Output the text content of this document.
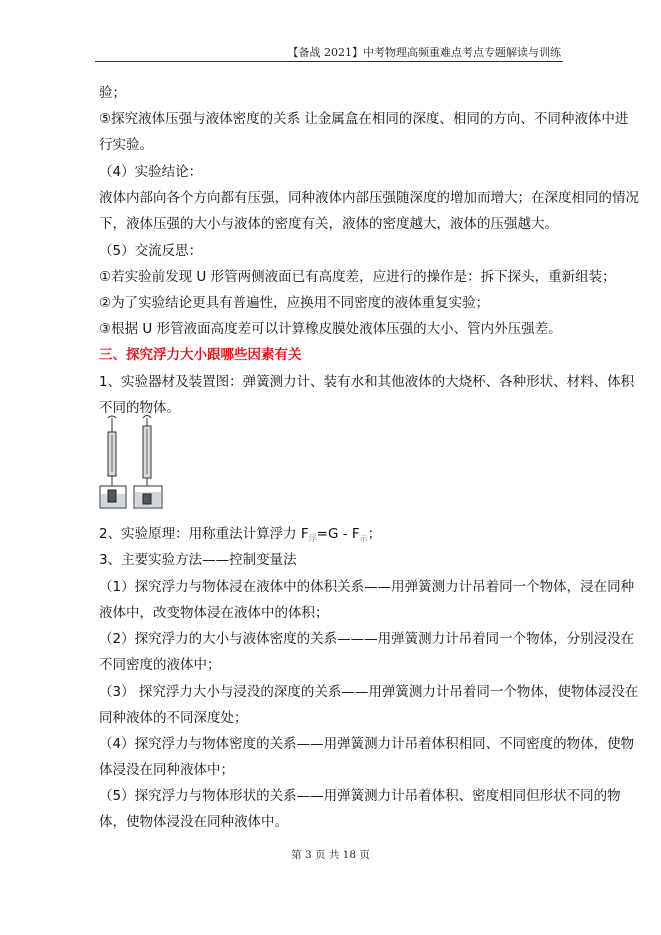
【备战 2021】中考物理高频重难点考点专题解读与训练
验；
⑤探究液体压强与液体密度的关系 让金属盒在相同的深度、相同的方向、不同种液体中进
行实验。
（4）实验结论：
液体内部向各个方向都有压强，同种液体内部压强随深度的增加而增大；在深度相同的情况
下，液体压强的大小与液体的密度有关，液体的密度越大，液体的压强越大。
（5）交流反思：
①若实验前发现 U 形管两侧液面已有高度差，应进行的操作是：拆下探头，重新组装；
②为了实验结论更具有普遍性，应换用不同密度的液体重复实验；
③根据 U 形管液面高度差可以计算橡皮膜处液体压强的大小、管内外压强差。
三、探究浮力大小跟哪些因素有关
1、实验器材及装置图：弹簧测力计、装有水和其他液体的大烧杯、各种形状、材料、体积
不同的物体。
2、实验原理：用称重法计算浮力 $F_浮=G - F_示$；
3、主要实验方法——控制变量法
（1）探究浮力与物体浸在液体中的体积关系——用弹簧测力计吊着同一个物体，浸在同种
液体中，改变物体浸在液体中的体积；
（2）探究浮力的大小与液体密度的关系———用弹簧测力计吊着同一个物体，分别浸没在
不同密度的液体中；
（3） 探究浮力大小与浸没的深度的关系——用弹簧测力计吊着同一个物体，使物体浸没在
同种液体的不同深度处；
（4）探究浮力与物体密度的关系——用弹簧测力计吊着体积相同、不同密度的物体，使物
体浸没在同种液体中；
（5）探究浮力与物体形状的关系——用弹簧测力计吊着体积、密度相同但形状不同的物
体，使物体浸没在同种液体中。
第 3 页 共 18 页
